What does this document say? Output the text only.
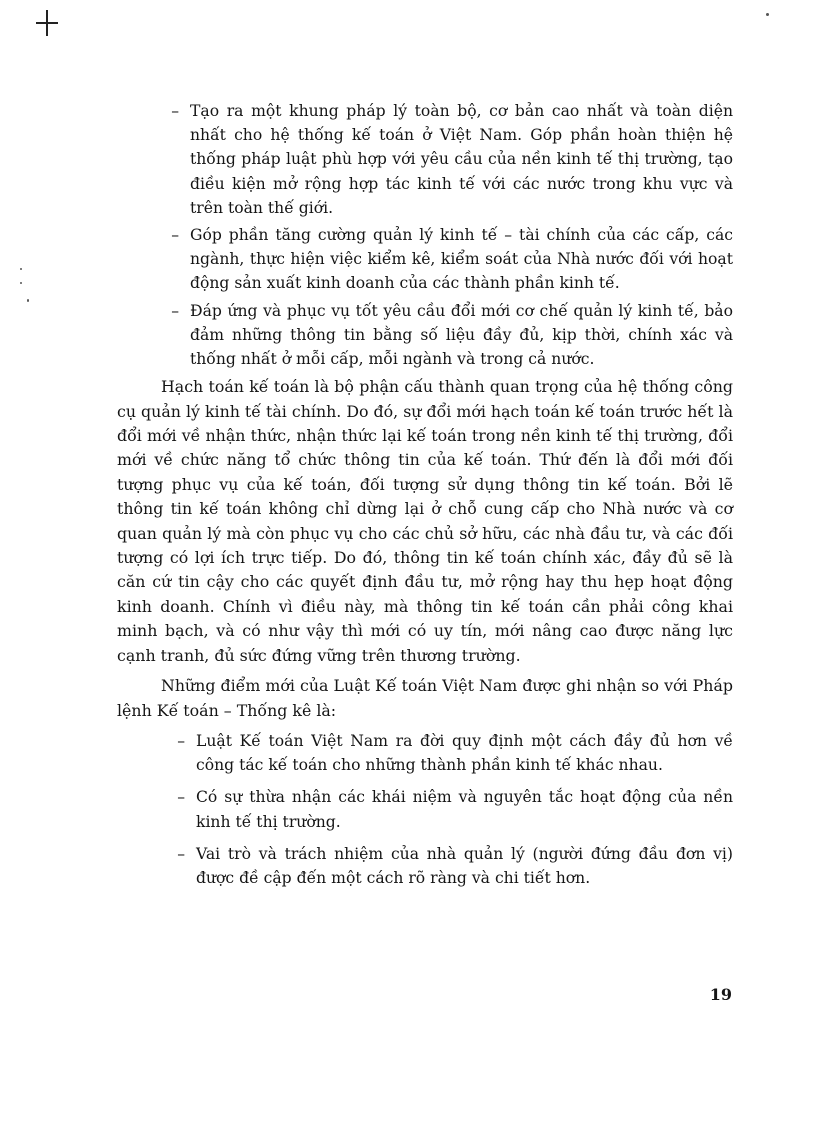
– Tạo ra một khung pháp lý toàn bộ, cơ bản cao nhất và toàn diện nhất cho hệ thống kế toán ở Việt Nam. Góp phần hoàn thiện hệ thống pháp luật phù hợp với yêu cầu của nền kinh tế thị trường, tạo điều kiện mở rộng hợp tác kinh tế với các nước trong khu vực và trên toàn thế giới.
– Góp phần tăng cường quản lý kinh tế – tài chính của các cấp, các ngành, thực hiện việc kiểm kê, kiểm soát của Nhà nước đối với hoạt động sản xuất kinh doanh của các thành phần kinh tế.
– Đáp ứng và phục vụ tốt yêu cầu đổi mới cơ chế quản lý kinh tế, bảo đảm những thông tin bằng số liệu đầy đủ, kịp thời, chính xác và thống nhất ở mỗi cấp, mỗi ngành và trong cả nước.

Hạch toán kế toán là bộ phận cấu thành quan trọng của hệ thống công cụ quản lý kinh tế tài chính. Do đó, sự đổi mới hạch toán kế toán trước hết là đổi mới về nhận thức, nhận thức lại kế toán trong nền kinh tế thị trường, đổi mới về chức năng tổ chức thông tin của kế toán. Thứ đến là đổi mới đối tượng phục vụ của kế toán, đối tượng sử dụng thông tin kế toán. Bởi lẽ thông tin kế toán không chỉ dừng lại ở chỗ cung cấp cho Nhà nước và cơ quan quản lý mà còn phục vụ cho các chủ sở hữu, các nhà đầu tư, và các đối tượng có lợi ích trực tiếp. Do đó, thông tin kế toán chính xác, đầy đủ sẽ là căn cứ tin cậy cho các quyết định đầu tư, mở rộng hay thu hẹp hoạt động kinh doanh. Chính vì điều này, mà thông tin kế toán cần phải công khai minh bạch, và có như vậy thì mới có uy tín, mới nâng cao được năng lực cạnh tranh, đủ sức đứng vững trên thương trường.

Những điểm mới của Luật Kế toán Việt Nam được ghi nhận so với Pháp lệnh Kế toán – Thống kê là:

– Luật Kế toán Việt Nam ra đời quy định một cách đầy đủ hơn về công tác kế toán cho những thành phần kinh tế khác nhau.
– Có sự thừa nhận các khái niệm và nguyên tắc hoạt động của nền kinh tế thị trường.
– Vai trò và trách nhiệm của nhà quản lý (người đứng đầu đơn vị) được đề cập đến một cách rõ ràng và chi tiết hơn.
19
